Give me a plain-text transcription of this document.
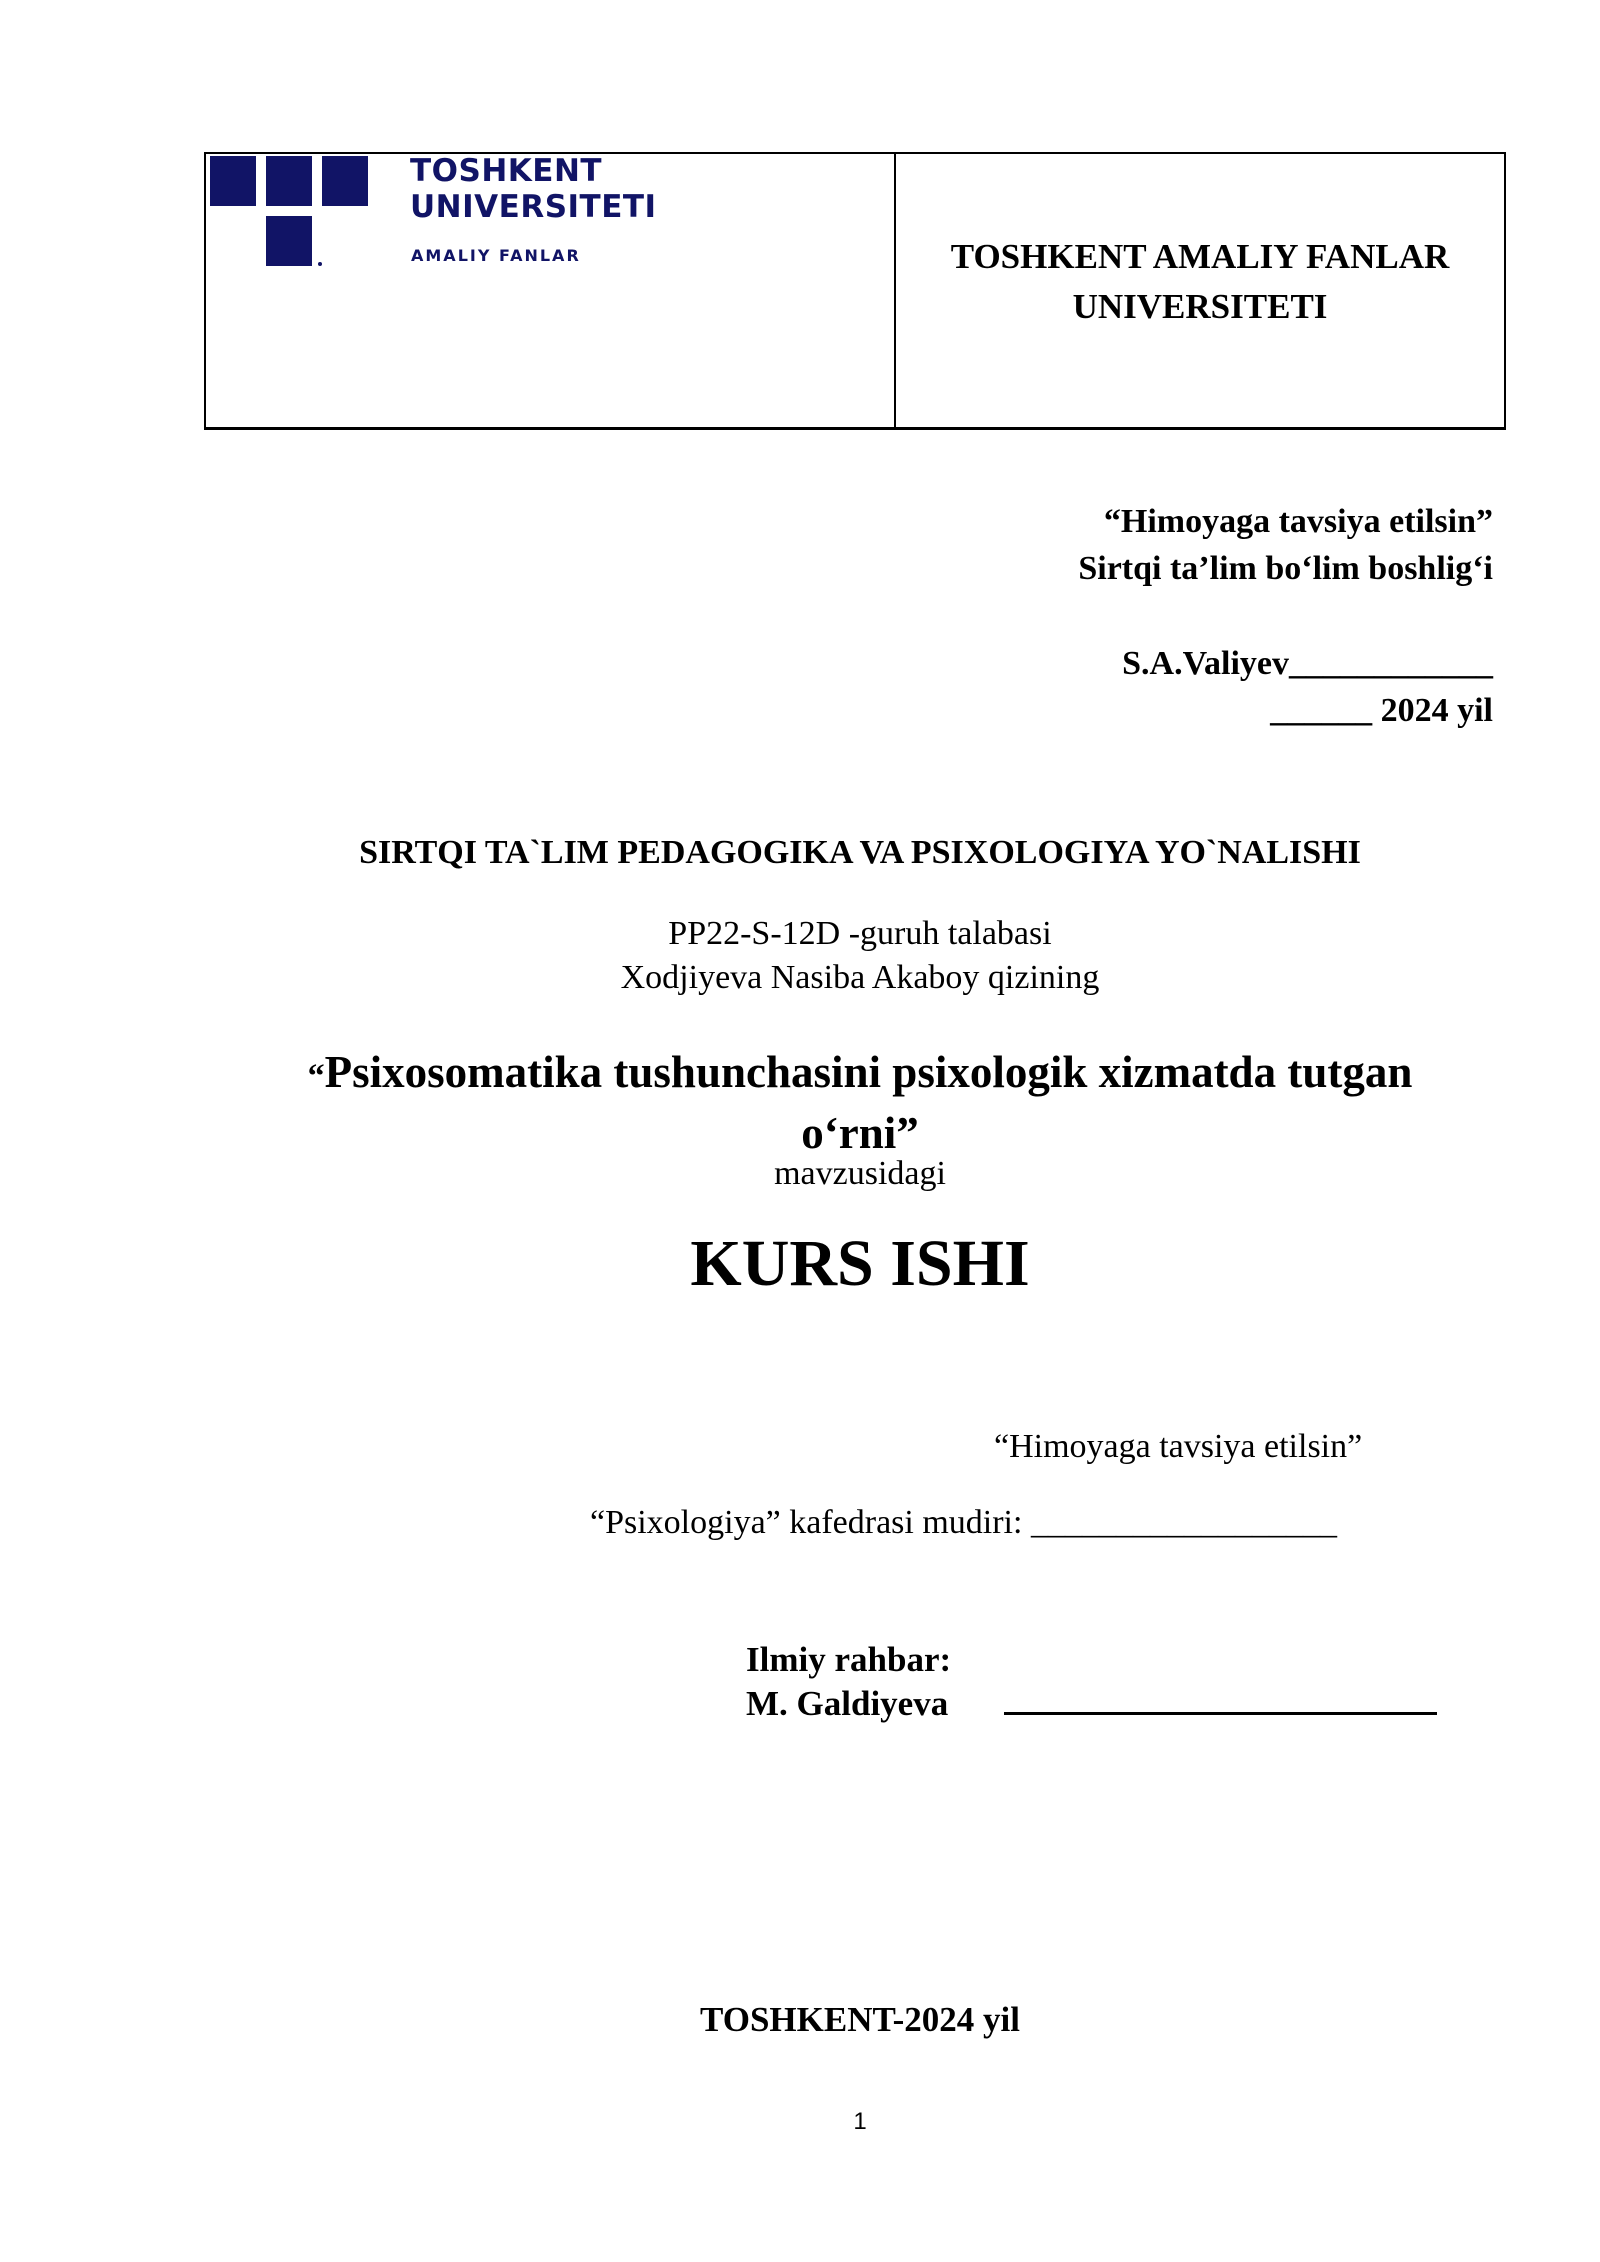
TOSHKENT
UNIVERSITETI
AMALIY FANLAR	TOSHKENT AMALIY FANLAR
UNIVERSITETI
“Himoyaga tavsiya etilsin”
Sirtqi ta’lim bo‘lim boshlig‘i
S.A.Valiyev____________
______ 2024 yil
SIRTQI TA`LIM PEDAGOGIKA VA PSIXOLOGIYA YO`NALISHI
PP22-S-12D -guruh talabasi
Xodjiyeva Nasiba Akaboy qizining
“Psixosomatika tushunchasini psixologik xizmatda tutgan
o‘rni”
mavzusidagi
KURS ISHI
“Himoyaga tavsiya etilsin”
“Psixologiya” kafedrasi mudiri: __________________
Ilmiy rahbar:
M. Galdiyeva
TOSHKENT-2024 yil
1
